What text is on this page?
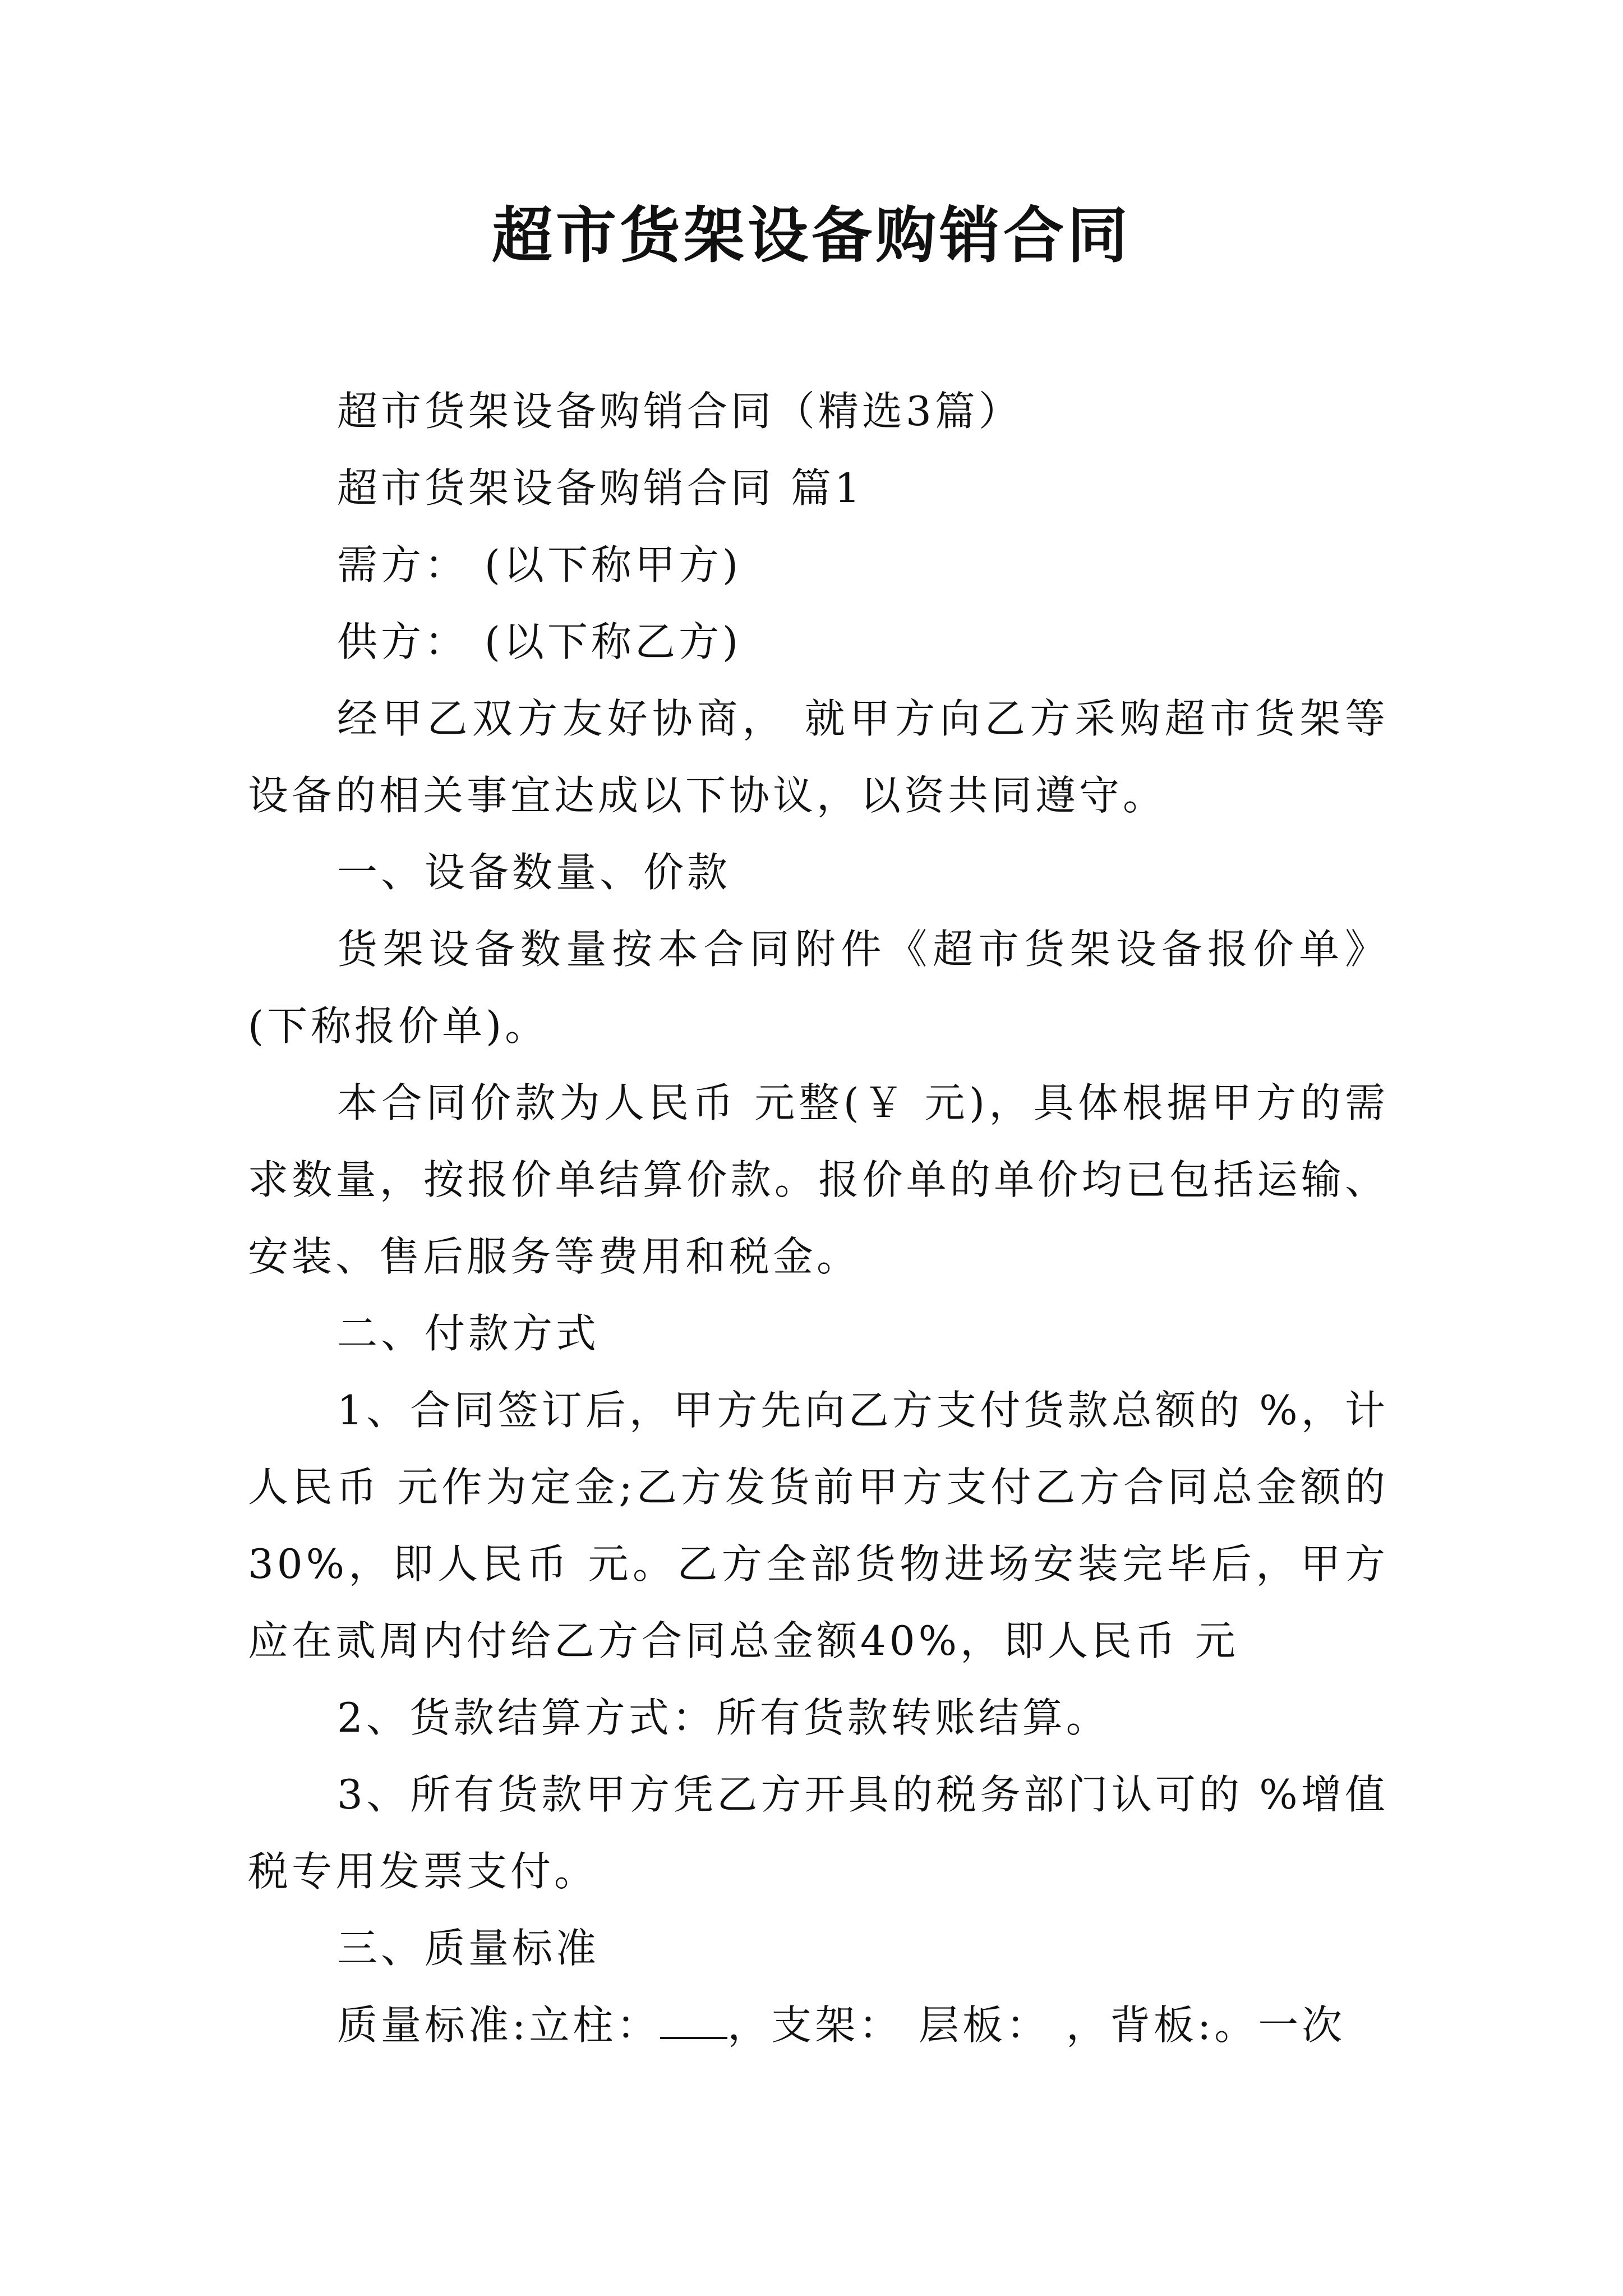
超市货架设备购销合同

超市货架设备购销合同（精选3篇）

超市货架设备购销合同 篇1

需方： (以下称甲方)

供方： (以下称乙方)

经甲乙双方友好协商， 就甲方向乙方采购超市货架等设备的相关事宜达成以下协议，以资共同遵守。

一、设备数量、价款

货架设备数量按本合同附件《超市货架设备报价单》(下称报价单)。

本合同价款为人民币 元整(￥ 元)，具体根据甲方的需求数量，按报价单结算价款。报价单的单价均已包括运输、安装、售后服务等费用和税金。

二、付款方式

1、合同签订后，甲方先向乙方支付货款总额的 %，计人民币 元作为定金;乙方发货前甲方支付乙方合同总金额的30%，即人民币 元。乙方全部货物进场安装完毕后，甲方应在贰周内付给乙方合同总金额40%，即人民币 元

2、货款结算方式：所有货款转账结算。

3、所有货款甲方凭乙方开具的税务部门认可的 %增值税专用发票支付。

三、质量标准

质量标准:立柱： ，支架： 层板： ，背板:。一次
